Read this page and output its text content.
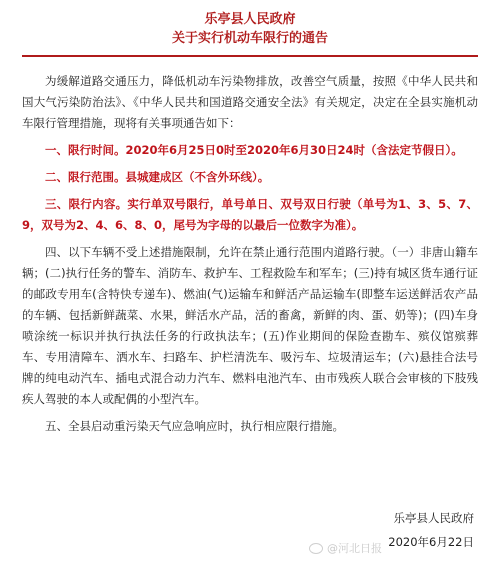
乐亭县人民政府
关于实行机动车限行的通告

为缓解道路交通压力，降低机动车污染物排放，改善空气质量，按照《中华人民共和国大气污染防治法》、《中华人民共和国道路交通安全法》有关规定，决定在全县实施机动车限行管理措施，现将有关事项通告如下：

一、限行时间。2020年6月25日0时至2020年6月30日24时（含法定节假日）。

二、限行范围。县城建成区（不含外环线）。

三、限行内容。实行单双号限行，单号单日、双号双日行驶（单号为1、3、5、7、9，双号为2、4、6、8、0，尾号为字母的以最后一位数字为准）。

四、以下车辆不受上述措施限制，允许在禁止通行范围内道路行驶。（一）非唐山籍车辆；(二)执行任务的警车、消防车、救护车、工程救险车和军车；(三)持有城区货车通行证的邮政专用车(含特快专递车)、燃油(气)运输车和鲜活产品运输车(即整车运送鲜活农产品的车辆、包括新鲜蔬菜、水果，鲜活水产品，活的畜禽，新鲜的肉、蛋、奶等)；(四)车身喷涂统一标识并执行执法任务的行政执法车；(五)作业期间的保险查勘车、殡仪馆殡葬车、专用清障车、洒水车、扫路车、护栏清洗车、吸污车、垃圾清运车；(六)悬挂合法号牌的纯电动汽车、插电式混合动力汽车、燃料电池汽车、由市残疾人联合会审核的下肢残疾人驾驶的本人或配偶的小型汽车。

五、全县启动重污染天气应急响应时，执行相应限行措施。

乐亭县人民政府
2020年6月22日
@河北日报
